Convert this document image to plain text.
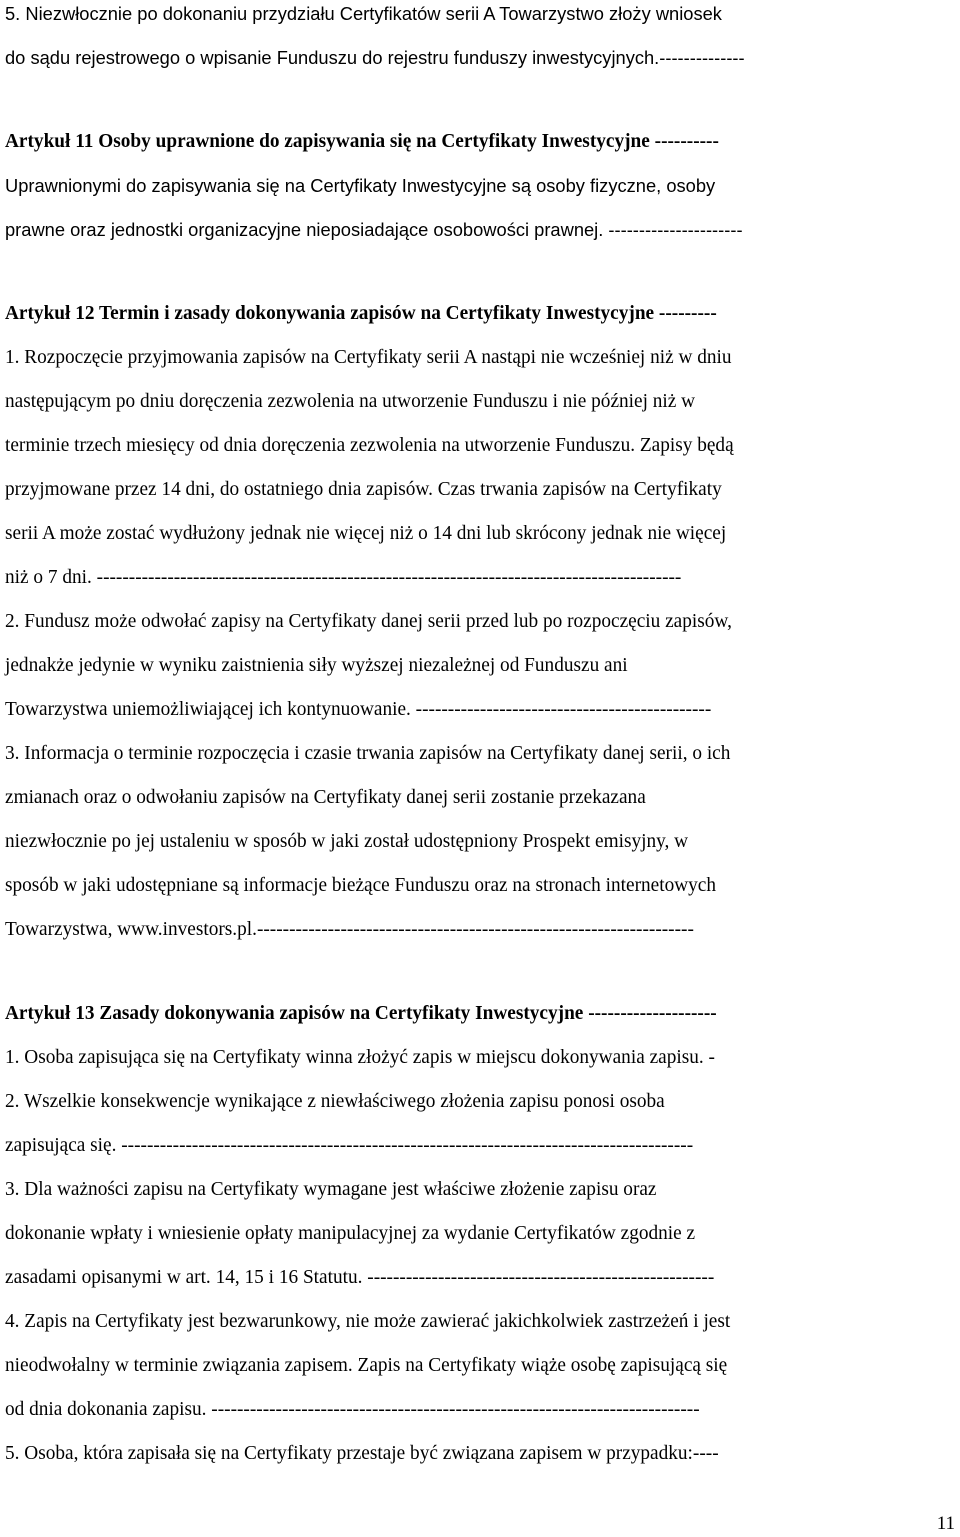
5. Niezwłocznie po dokonaniu przydziału Certyfikatów serii A Towarzystwo złoży wniosek
do sądu rejestrowego o wpisanie Funduszu do rejestru funduszy inwestycyjnych.--------------
Artykuł 11 Osoby uprawnione do zapisywania się na Certyfikaty Inwestycyjne ----------
Uprawnionymi do zapisywania się na Certyfikaty Inwestycyjne są osoby fizyczne, osoby
prawne oraz jednostki organizacyjne nieposiadające osobowości prawnej. ----------------------
Artykuł 12 Termin i zasady dokonywania zapisów na Certyfikaty Inwestycyjne ---------
1. Rozpoczęcie przyjmowania zapisów na Certyfikaty serii A nastąpi nie wcześniej niż w dniu
następującym po dniu doręczenia zezwolenia na utworzenie Funduszu i nie później niż w
terminie trzech miesięcy od dnia doręczenia zezwolenia na utworzenie Funduszu. Zapisy będą
przyjmowane przez 14 dni, do ostatniego dnia zapisów. Czas trwania zapisów na Certyfikaty
serii A może zostać wydłużony jednak nie więcej niż o 14 dni lub skrócony jednak nie więcej
niż o 7 dni. -------------------------------------------------------------------------------------------
2. Fundusz może odwołać zapisy na Certyfikaty danej serii przed lub po rozpoczęciu zapisów,
jednakże jedynie w wyniku zaistnienia siły wyższej niezależnej od Funduszu ani
Towarzystwa uniemożliwiającej ich kontynuowanie. ----------------------------------------------
3. Informacja o terminie rozpoczęcia i czasie trwania zapisów na Certyfikaty danej serii, o ich
zmianach oraz o odwołaniu zapisów na Certyfikaty danej serii zostanie przekazana
niezwłocznie po jej ustaleniu w sposób w jaki został udostępniony Prospekt emisyjny, w
sposób w jaki udostępniane są informacje bieżące Funduszu oraz na stronach internetowych
Towarzystwa, www.investors.pl.--------------------------------------------------------------------
Artykuł 13 Zasady dokonywania zapisów na Certyfikaty Inwestycyjne --------------------
1. Osoba zapisująca się na Certyfikaty winna złożyć zapis w miejscu dokonywania zapisu. -
2. Wszelkie konsekwencje wynikające z niewłaściwego złożenia zapisu ponosi osoba
zapisująca się. -----------------------------------------------------------------------------------------
3. Dla ważności zapisu na Certyfikaty wymagane jest właściwe złożenie zapisu oraz
dokonanie wpłaty i wniesienie opłaty manipulacyjnej za wydanie Certyfikatów zgodnie z
zasadami opisanymi w art. 14, 15 i 16 Statutu. ------------------------------------------------------
4. Zapis na Certyfikaty jest bezwarunkowy, nie może zawierać jakichkolwiek zastrzeżeń i jest
nieodwołalny w terminie związania zapisem. Zapis na Certyfikaty wiąże osobę zapisującą się
od dnia dokonania zapisu. ----------------------------------------------------------------------------
5. Osoba, która zapisała się na Certyfikaty przestaje być związana zapisem w przypadku:----
11
